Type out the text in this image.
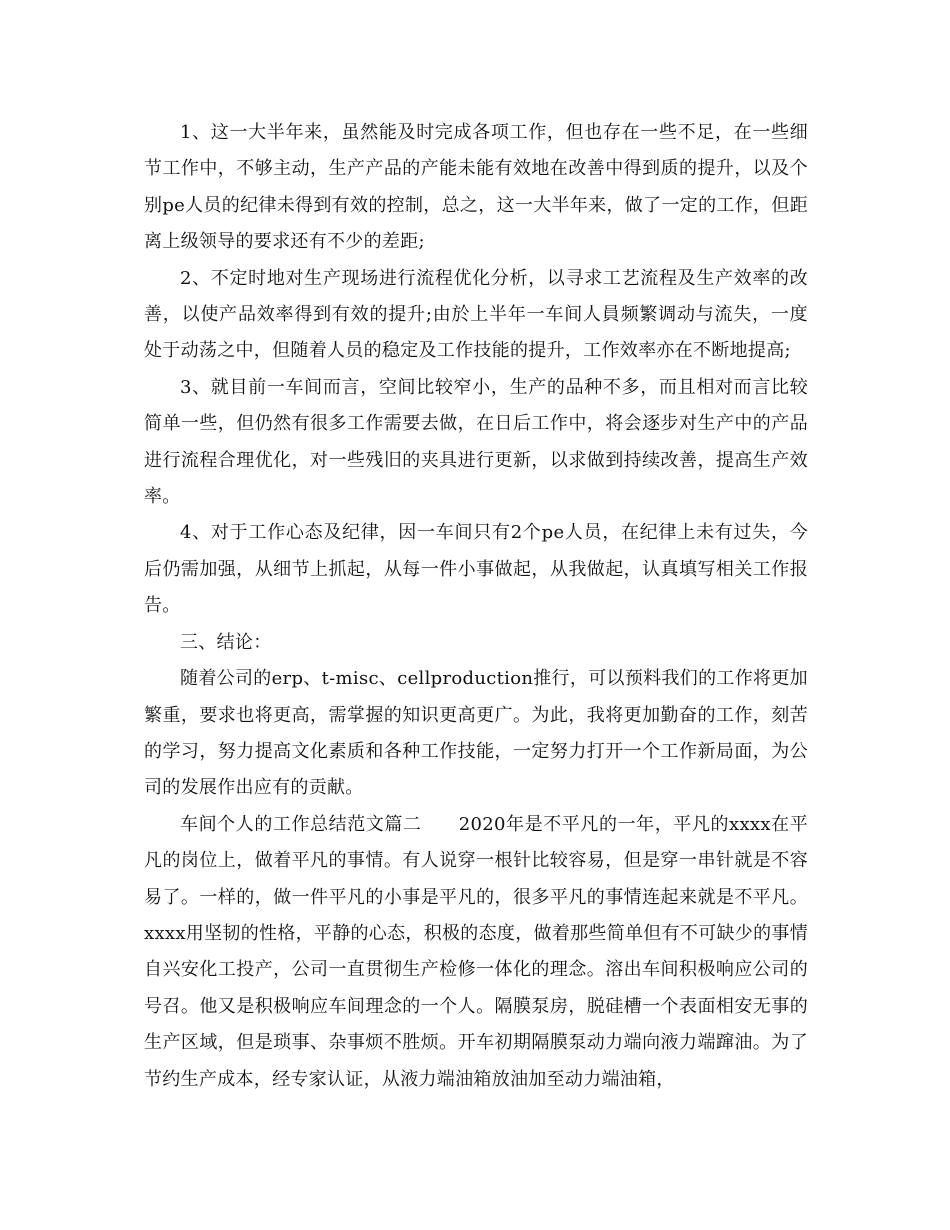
1、这一大半年来，虽然能及时完成各项工作，但也存在一些不足，在一些细节工作中，不够主动，生产产品的产能未能有效地在改善中得到质的提升，以及个别pe人员的纪律未得到有效的控制，总之，这一大半年来，做了一定的工作，但距离上级领导的要求还有不少的差距;

2、不定时地对生产现场进行流程优化分析，以寻求工艺流程及生产效率的改善，以使产品效率得到有效的提升;由於上半年一车间人員频繁调动与流失，一度处于动荡之中，但随着人员的稳定及工作技能的提升，工作效率亦在不断地提高;

3、就目前一车间而言，空间比较窄小，生产的品种不多，而且相对而言比较简单一些，但仍然有很多工作需要去做，在日后工作中，将会逐步对生产中的产品进行流程合理优化，对一些残旧的夹具进行更新，以求做到持续改善，提高生产效率。

4、对于工作心态及纪律，因一车间只有2个pe人员，在纪律上未有过失，今后仍需加强，从细节上抓起，从每一件小事做起，从我做起，认真填写相关工作报告。

三、结论：

随着公司的erp、t-misc、cellproduction推行，可以预料我们的工作将更加繁重，要求也将更高，需掌握的知识更高更广。为此，我将更加勤奋的工作，刻苦的学习，努力提高文化素质和各种工作技能，一定努力打开一个工作新局面，为公司的发展作出应有的贡献。

车间个人的工作总结范文篇二　　2020年是不平凡的一年，平凡的xxxx在平凡的岗位上，做着平凡的事情。有人说穿一根针比较容易，但是穿一串针就是不容易了。一样的，做一件平凡的小事是平凡的，很多平凡的事情连起来就是不平凡。xxxx用坚韧的性格，平静的心态，积极的态度，做着那些简单但有不可缺少的事情 自兴安化工投产，公司一直贯彻生产检修一体化的理念。溶出车间积极响应公司的号召。他又是积极响应车间理念的一个人。隔膜泵房，脱硅槽一个表面相安无事的生产区域，但是琐事、杂事烦不胜烦。开车初期隔膜泵动力端向液力端蹿油。为了节约生产成本，经专家认证，从液力端油箱放油加至动力端油箱，
